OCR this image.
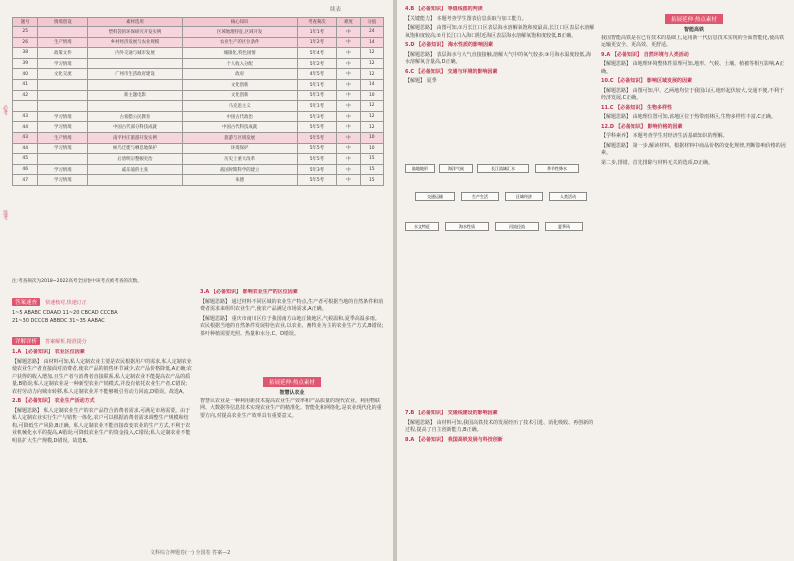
续表
必考
选考
题号	情境创设	素材选用	核心知识	考查频次	难度	分值
25		塑料袋的环保研究开发实例	区域地理特征,区域开发	1年1考	中	24
26	生产情境	乡村经济发展与农业规模	农业生产的区位条件	1年2考	中	14
38	政策文件	内外交通与城市发展	城镇化,特色国情	5年4考	中	12
39	学习情境		个人收入分配	5年2考	中	12
40	文化交流	广州市生活政府建设	政府	4年5考	中	12
41			文化创新	5年1考	中	14
42		新主题电影	文化创新	5年1考	中	10
			马克思主义	5年1考	中	12
43	学习情境	古希腊公民教育	中国古代政治	5年3考	中	12
44	学习情境	中国古代部分科技成就	中国古代科技成就	5年5考	中	12
43	生产情境	南平村庄旅游开发实例	旅游与区域发展	5年5考	中	10
44	学习情境	候鸟迁徙与栖息地保护	环境保护	5年5考	中	10
45		后唐明宗整顿吏治	历史上重大改革	5年5考	中	15
46	学习情境	戚乐迪的主张	战国时期科学的建立	5年3考	中	15
47	学习情境		朱德	5年5考	中	15
注:考查频次为2018~2022高考全国卷中该考点被考查的次数。
答案速查 快速核对,快速订正
1~5 ABABC CDAAD 11~20 CBCAD CCCBA
21~30 DCCCB ABBDC 31~35 AABAC
详解详析 答案解析,精准提分

1.A 【必备知识】 农业区位因素

【解题思路】 由材料可知,私人定制农业主要是农民根据用户的需求,私人定制农业使农业生产者直接面对消费者,使农产品的销售环节减少,农产品价格降低,A正确;农户获得的收入增加,且生产者与消费者直接联系,私人定制农业不能提高农产品的质量,B错误;私人定制农业是一种新型农业产销模式,并没有依托农业生产者,C错误;农村劳动力向城市转移,私人定制农业并不能够吸引劳动力回流,D错误。故选A。

2.B 【必备知识】 农业生产活动方式

【解题思路】 私人定制农业生产的农产品符合消费者需求,可满足市场需要。由于私人定制农业实行生产与销售一体化,农户可以根据消费者需求调整生产规模和结构,可降低生产风险,B正确。私人定制农业不能直接改变农业的生产方式,不利于农业机械化水平的提高,A错误;可降低农业生产的资金投入,C错误;私人定制农业不能明显扩大生产规模,D错误。故选B。

3.A 【必备知识】 影响农业生产的区位因素

【解题思路】 通过材料不同区域的农业生产特点,生产者可根据当地的自然条件和消费者需求来组织农业生产,使农产品满足市场需求,A正确。

【解题思路】 重庆市南川区位于我国南方山地丘陵地区,气候温和,夏季高温多雨。农民根据当地的自然条件发展特色农业,以农业、畜牧业为主的农业生产方式,B错误;茶叶种植需要光照、热量和水分,C、D错误。

拓展延伸·热点素材
智慧认农业
智慧认农业是一种利用新技术提高农业生产效率和产品质量的现代农业。利用物联网、大数据等信息技术实现农业生产的精准化、智能化和网络化,是农业现代化的重要方向,对提高农业生产效率具有重要意义。
文科综合押题卷(一) 全国卷 答案—2

4.B 【必备知识】 等值线图的判读

【关键能力】 本题考查学生图表信息获取与加工能力。

【解题思路】 由图可知,①月长江口区表层海水溶解氧饱和度最高,长江口区表层水溶解氧饱和度较高;②月长江口入海口附近海区表层海水溶解氧饱和度较低,B正确。

5.D 【必备知识】 海水性质的影响因素

【解题思路】 表层海水与大气直接接触,溶解大气中的氧气较多;③月海水温度较低,海水溶解氧含量高,D正确。

6.C 【必备知识】 交通与环境的影响因素

【解题】 夏季

陆地地形	海洋气候	长江流域汇水	季节性降水
交通运输	生产生活	区域经济	人类活动
水文特征	海水性质	河流径流	夏季风

7.B 【必备知识】 交通线建设的影响因素

【解题思路】 由材料可知,我国高铁技术的发展经历了技术引进、消化吸收、再创新的过程,提高了自主创新能力,B正确。

8.A 【必备知识】 我国高铁发展与科技创新

拓展延伸·热点素材
智能高铁

我国智能高铁是在已有技术的基础上,运用新一代信息技术实现的全面智能化,使高铁运输更安全、更高效、更舒适。

9.A 【必备知识】 自然环境与人类活动

【解题思路】 由地理环境整体性原理可知,地形、气候、土壤、植被等相互影响,A正确。

10.C 【必备知识】 影响区域发展的因素

【解题思路】 由图可知,甲、乙两地均位于我国山区,地形起伏较大,交通不便,不利于经济发展,C正确。

11.C 【必备知识】 生物多样性

【解题思路】 由地理位置可知,该地区位于热带雨林区,生物多样性丰富,C正确。

12.D 【必备知识】 影响价格的因素

【学科素养】 本题考查学生对经济生活基础知识的理解。

【解题思路】 第一步,解读材料。根据材料中商品价格的变化规律,判断影响价格的因素。

第二步,排错。首先排除与材料无关的选项,D正确。
